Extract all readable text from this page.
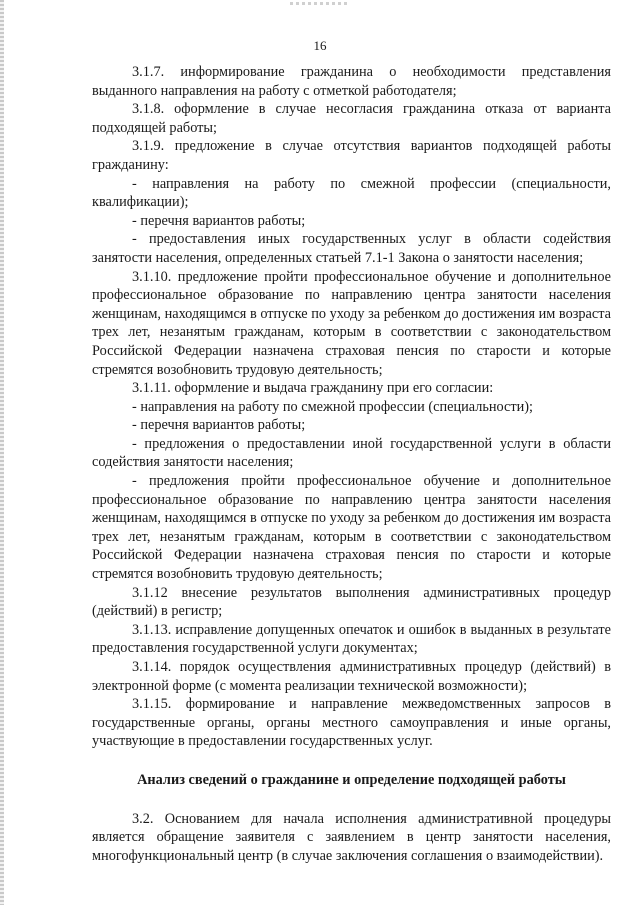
16

3.1.7. информирование гражданина о необходимости представления выданного направления на работу с отметкой работодателя;

3.1.8. оформление в случае несогласия гражданина отказа от варианта подходящей работы;

3.1.9. предложение в случае отсутствия вариантов подходящей работы гражданину:

- направления на работу по смежной профессии (специальности, квалификации);

- перечня вариантов работы;

- предоставления иных государственных услуг в области содействия занятости населения, определенных статьей 7.1-1 Закона о занятости населения;

3.1.10. предложение пройти профессиональное обучение и дополнительное профессиональное образование по направлению центра занятости населения женщинам, находящимся в отпуске по уходу за ребенком до достижения им возраста трех лет, незанятым гражданам, которым в соответствии с законодательством Российской Федерации назначена страховая пенсия по старости и которые стремятся возобновить трудовую деятельность;

3.1.11. оформление и выдача гражданину при его согласии:

- направления на работу по смежной профессии (специальности);

- перечня вариантов работы;

- предложения о предоставлении иной государственной услуги в области содействия занятости населения;

- предложения пройти профессиональное обучение и дополнительное профессиональное образование по направлению центра занятости населения женщинам, находящимся в отпуске по уходу за ребенком до достижения им возраста трех лет, незанятым гражданам, которым в соответствии с законодательством Российской Федерации назначена страховая пенсия по старости и которые стремятся возобновить трудовую деятельность;

3.1.12 внесение результатов выполнения административных процедур (действий) в регистр;

3.1.13. исправление допущенных опечаток и ошибок в выданных в результате предоставления государственной услуги документах;

3.1.14. порядок осуществления административных процедур (действий) в электронной форме (с момента реализации технической возможности);

3.1.15. формирование и направление межведомственных запросов в государственные органы, органы местного самоуправления и иные органы, участвующие в предоставлении государственных услуг.

Анализ сведений о гражданине и определение подходящей работы

3.2. Основанием для начала исполнения административной процедуры является обращение заявителя с заявлением в центр занятости населения, многофункциональный центр (в случае заключения соглашения о взаимодействии).
